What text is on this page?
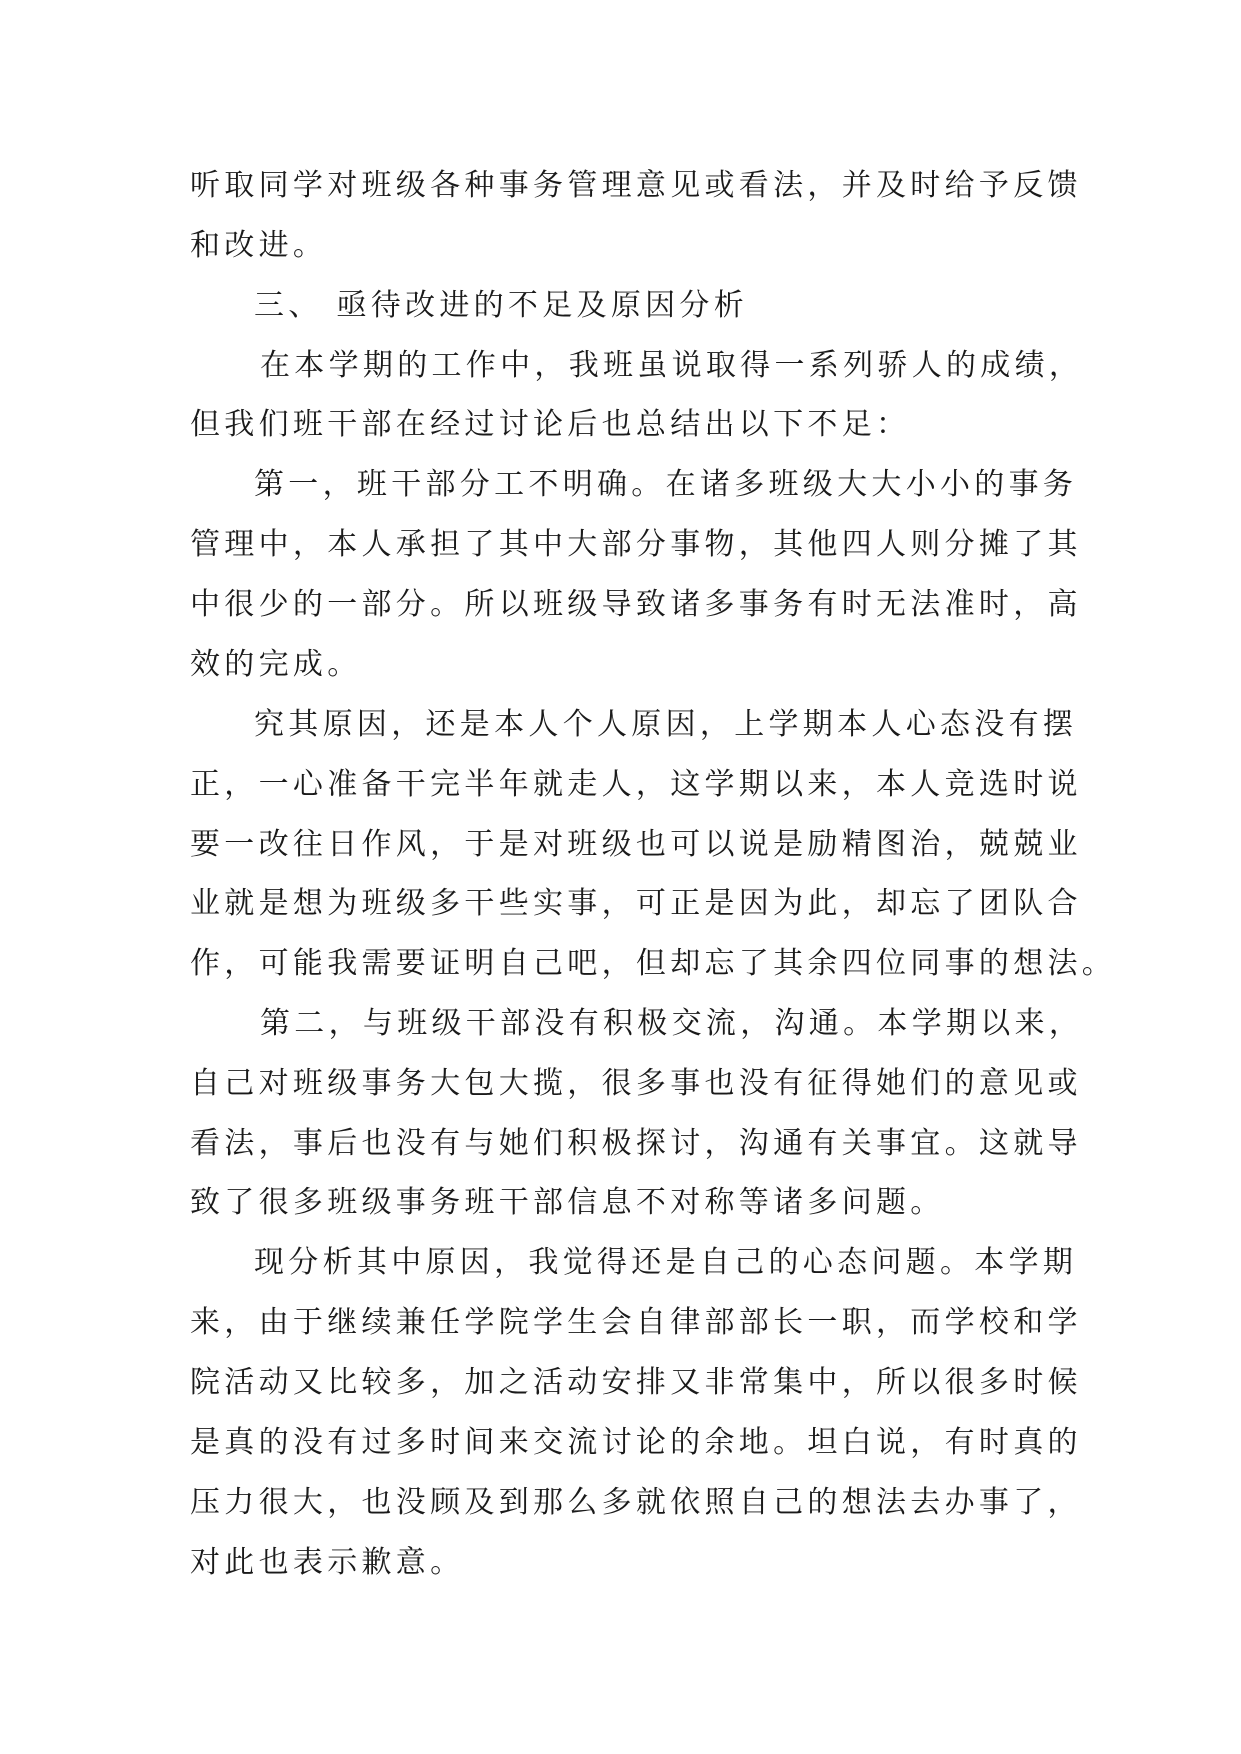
听取同学对班级各种事务管理意见或看法，并及时给予反馈
和改进。
三、 亟待改进的不足及原因分析
在本学期的工作中，我班虽说取得一系列骄人的成绩，
但我们班干部在经过讨论后也总结出以下不足：
第一，班干部分工不明确。在诸多班级大大小小的事务
管理中，本人承担了其中大部分事物，其他四人则分摊了其
中很少的一部分。所以班级导致诸多事务有时无法准时，高
效的完成。
究其原因，还是本人个人原因，上学期本人心态没有摆
正，一心准备干完半年就走人，这学期以来，本人竞选时说
要一改往日作风，于是对班级也可以说是励精图治，兢兢业
业就是想为班级多干些实事，可正是因为此，却忘了团队合
作，可能我需要证明自己吧，但却忘了其余四位同事的想法。
第二，与班级干部没有积极交流，沟通。本学期以来，
自己对班级事务大包大揽，很多事也没有征得她们的意见或
看法，事后也没有与她们积极探讨，沟通有关事宜。这就导
致了很多班级事务班干部信息不对称等诸多问题。
现分析其中原因，我觉得还是自己的心态问题。本学期
来，由于继续兼任学院学生会自律部部长一职，而学校和学
院活动又比较多，加之活动安排又非常集中，所以很多时候
是真的没有过多时间来交流讨论的余地。坦白说，有时真的
压力很大，也没顾及到那么多就依照自己的想法去办事了，
对此也表示歉意。
